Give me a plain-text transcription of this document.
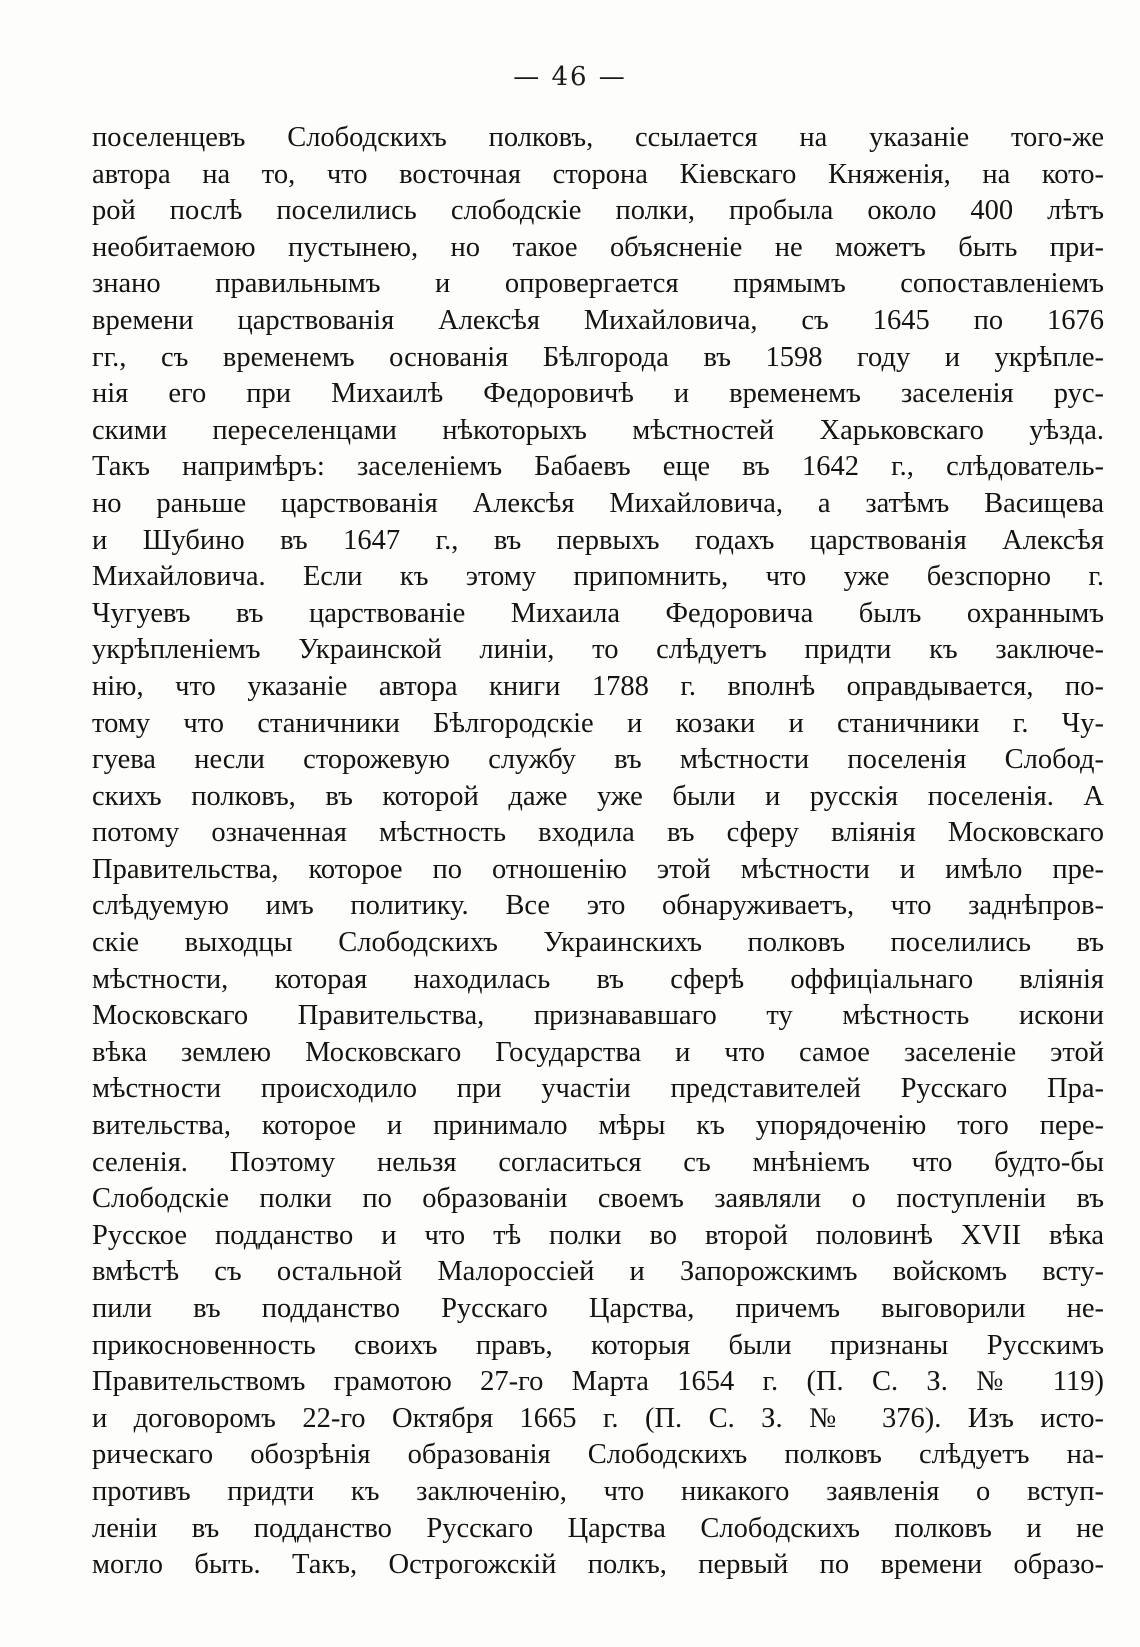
— 46 —
поселенцевъ Слободскихъ полковъ, ссылается на указаніе того-же
автора на то, что восточная сторона Кіевскаго Княженія, на кото-
рой послѣ поселились слободскіе полки, пробыла около 400 лѣтъ
необитаемою пустынею, но такое объясненіе не можетъ быть при-
знано правильнымъ и опровергается прямымъ сопоставленіемъ
времени царствованія Алексѣя Михайловича, съ 1645 по 1676
гг., съ временемъ основанія Бѣлгорода въ 1598 году и укрѣпле-
нія его при Михаилѣ Федоровичѣ и временемъ заселенія рус-
скими переселенцами нѣкоторыхъ мѣстностей Харьковскаго уѣзда.
Такъ напримѣръ: заселеніемъ Бабаевъ еще въ 1642 г., слѣдователь-
но раньше царствованія Алексѣя Михайловича, а затѣмъ Васищева
и Шубино въ 1647 г., въ первыхъ годахъ царствованія Алексѣя
Михайловича. Если къ этому припомнить, что уже безспорно г.
Чугуевъ въ царствованіе Михаила Федоровича былъ охраннымъ
укрѣпленіемъ Украинской линіи, то слѣдуетъ придти къ заключе-
нію, что указаніе автора книги 1788 г. вполнѣ оправдывается, по-
тому что станичники Бѣлгородскіе и козаки и станичники г. Чу-
гуева несли сторожевую службу въ мѣстности поселенія Слобод-
скихъ полковъ, въ которой даже уже были и русскія поселенія. А
потому означенная мѣстность входила въ сферу вліянія Московскаго
Правительства, которое по отношенію этой мѣстности и имѣло пре-
слѣдуемую имъ политику. Все это обнаруживаетъ, что заднѣпров-
скіе выходцы Слободскихъ Украинскихъ полковъ поселились въ
мѣстности, которая находилась въ сферѣ оффиціальнаго вліянія
Московскаго Правительства, признававшаго ту мѣстность искони
вѣка землею Московскаго Государства и что самое заселеніе этой
мѣстности происходило при участіи представителей Русскаго Пра-
вительства, которое и принимало мѣры къ упорядоченію того пере-
селенія. Поэтому нельзя согласиться съ мнѣніемъ что будто-бы
Слободскіе полки по образованіи своемъ заявляли о поступленіи въ
Русское подданство и что тѣ полки во второй половинѣ XVII вѣка
вмѣстѣ съ остальной Малороссіей и Запорожскимъ войскомъ всту-
пили въ подданство Русскаго Царства, причемъ выговорили не-
прикосновенность своихъ правъ, которыя были признаны Русскимъ
Правительствомъ грамотою 27-го Марта 1654 г. (П. С. З. № 119)
и договоромъ 22-го Октября 1665 г. (П. С. З. № 376). Изъ исто-
рическаго обозрѣнія образованія Слободскихъ полковъ слѣдуетъ на-
противъ придти къ заключенію, что никакого заявленія о вступ-
леніи въ подданство Русскаго Царства Слободскихъ полковъ и не
могло быть. Такъ, Острогожскій полкъ, первый по времени образо-
